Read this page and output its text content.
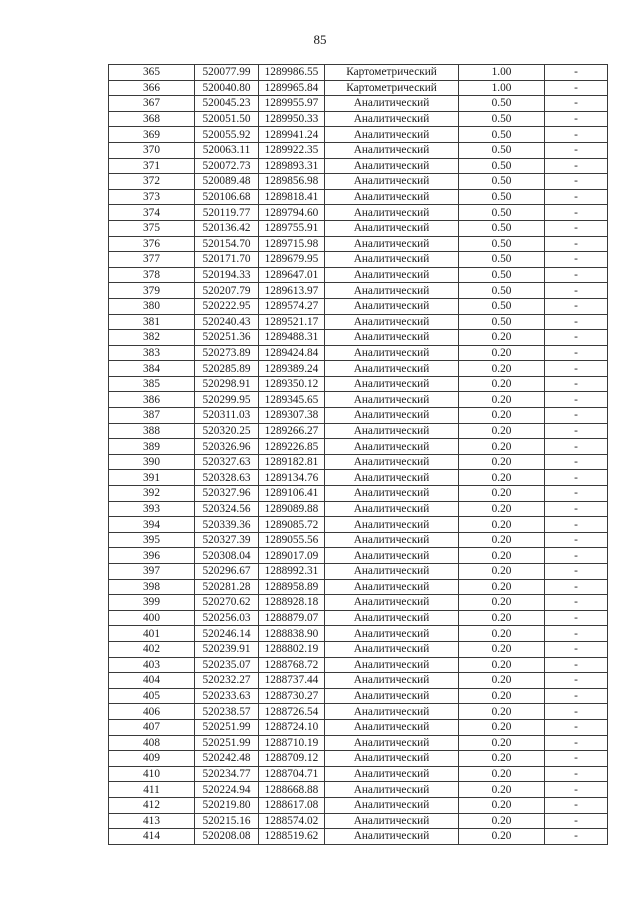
85
365	520077.99	1289986.55	Картометрический	1.00	-
366	520040.80	1289965.84	Картометрический	1.00	-
367	520045.23	1289955.97	Аналитический	0.50	-
368	520051.50	1289950.33	Аналитический	0.50	-
369	520055.92	1289941.24	Аналитический	0.50	-
370	520063.11	1289922.35	Аналитический	0.50	-
371	520072.73	1289893.31	Аналитический	0.50	-
372	520089.48	1289856.98	Аналитический	0.50	-
373	520106.68	1289818.41	Аналитический	0.50	-
374	520119.77	1289794.60	Аналитический	0.50	-
375	520136.42	1289755.91	Аналитический	0.50	-
376	520154.70	1289715.98	Аналитический	0.50	-
377	520171.70	1289679.95	Аналитический	0.50	-
378	520194.33	1289647.01	Аналитический	0.50	-
379	520207.79	1289613.97	Аналитический	0.50	-
380	520222.95	1289574.27	Аналитический	0.50	-
381	520240.43	1289521.17	Аналитический	0.50	-
382	520251.36	1289488.31	Аналитический	0.20	-
383	520273.89	1289424.84	Аналитический	0.20	-
384	520285.89	1289389.24	Аналитический	0.20	-
385	520298.91	1289350.12	Аналитический	0.20	-
386	520299.95	1289345.65	Аналитический	0.20	-
387	520311.03	1289307.38	Аналитический	0.20	-
388	520320.25	1289266.27	Аналитический	0.20	-
389	520326.96	1289226.85	Аналитический	0.20	-
390	520327.63	1289182.81	Аналитический	0.20	-
391	520328.63	1289134.76	Аналитический	0.20	-
392	520327.96	1289106.41	Аналитический	0.20	-
393	520324.56	1289089.88	Аналитический	0.20	-
394	520339.36	1289085.72	Аналитический	0.20	-
395	520327.39	1289055.56	Аналитический	0.20	-
396	520308.04	1289017.09	Аналитический	0.20	-
397	520296.67	1288992.31	Аналитический	0.20	-
398	520281.28	1288958.89	Аналитический	0.20	-
399	520270.62	1288928.18	Аналитический	0.20	-
400	520256.03	1288879.07	Аналитический	0.20	-
401	520246.14	1288838.90	Аналитический	0.20	-
402	520239.91	1288802.19	Аналитический	0.20	-
403	520235.07	1288768.72	Аналитический	0.20	-
404	520232.27	1288737.44	Аналитический	0.20	-
405	520233.63	1288730.27	Аналитический	0.20	-
406	520238.57	1288726.54	Аналитический	0.20	-
407	520251.99	1288724.10	Аналитический	0.20	-
408	520251.99	1288710.19	Аналитический	0.20	-
409	520242.48	1288709.12	Аналитический	0.20	-
410	520234.77	1288704.71	Аналитический	0.20	-
411	520224.94	1288668.88	Аналитический	0.20	-
412	520219.80	1288617.08	Аналитический	0.20	-
413	520215.16	1288574.02	Аналитический	0.20	-
414	520208.08	1288519.62	Аналитический	0.20	-
